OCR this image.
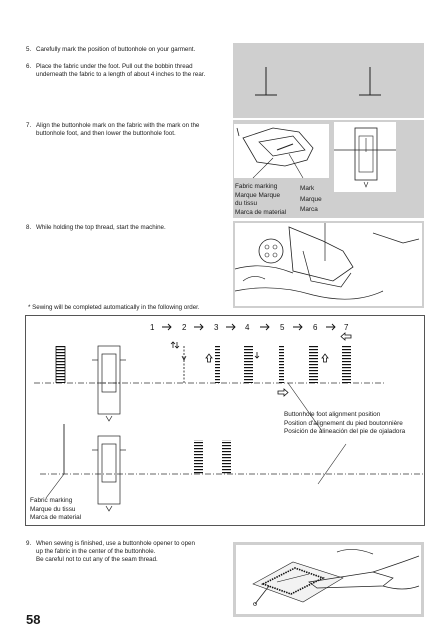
5. Carefully mark the position of buttonhole on your garment.
6. Place the fabric under the foot. Pull out the bobbin thread
underneath the fabric to a length of about 4 inches to the rear.
7. Align the buttonhole mark on the fabric with the mark on the
buttonhole foot, and then lower the buttonhole foot.
Fabric marking
Marque Marque
du tissu
Marca de material
Mark
Marque
Marca
8. While holding the top thread, start the machine.
* Sewing will be completed automatically in the following order.
1	2	3	4	5	6	7
Buttonhole foot alignment position
Position d'alignement du pied boutonnière
Posición de alineación del pie de ojaladora
Fabric marking
Marque du tissu
Marca de material
9. When sewing is finished, use a buttonhole opener to open
up the fabric in the center of the buttonhole.
Be careful not to cut any of the seam thread.
58
